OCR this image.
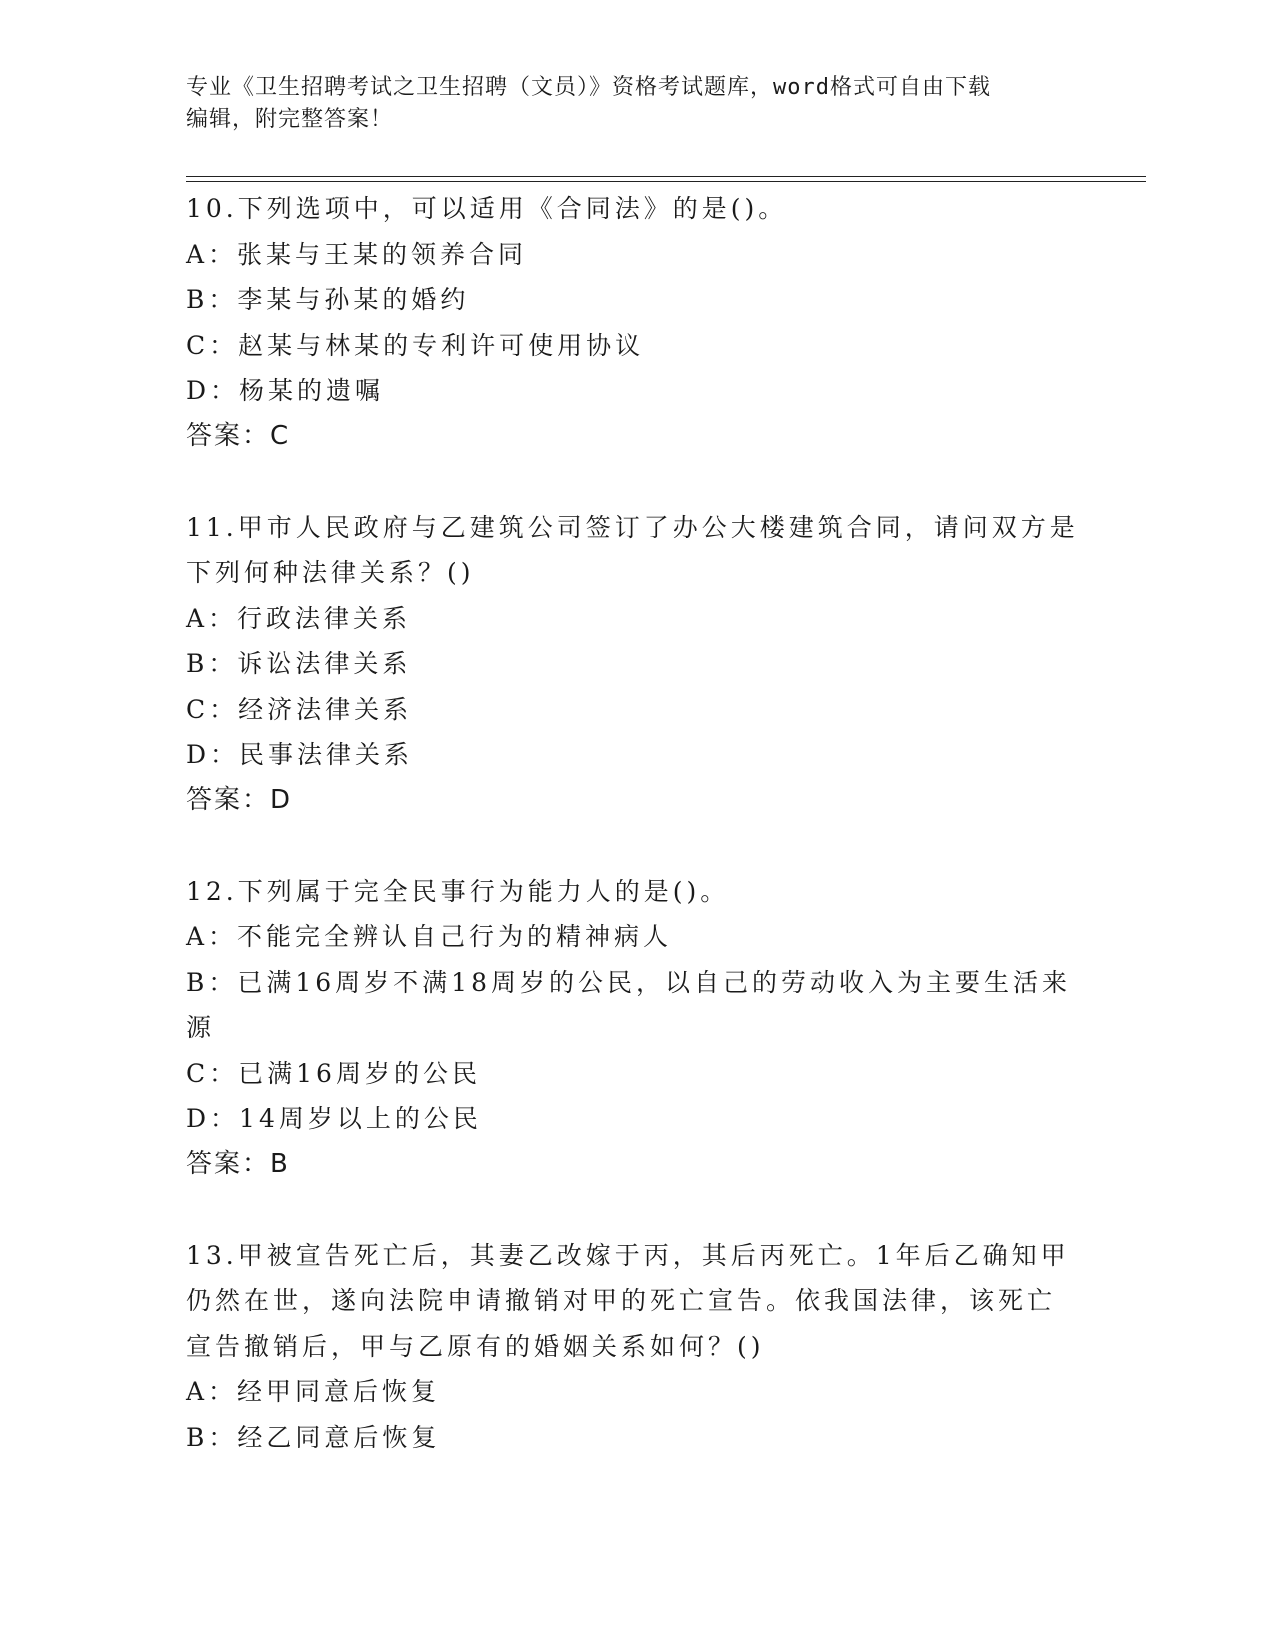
专业《卫生招聘考试之卫生招聘（文员）》资格考试题库，word格式可自由下载
编辑，附完整答案！
10.下列选项中，可以适用《合同法》的是()。
A：张某与王某的领养合同
B：李某与孙某的婚约
C：赵某与林某的专利许可使用协议
D：杨某的遗嘱
答案：C
11.甲市人民政府与乙建筑公司签订了办公大楼建筑合同，请问双方是
下列何种法律关系？()
A：行政法律关系
B：诉讼法律关系
C：经济法律关系
D：民事法律关系
答案：D
12.下列属于完全民事行为能力人的是()。
A：不能完全辨认自己行为的精神病人
B：已满16周岁不满18周岁的公民，以自己的劳动收入为主要生活来
源
C：已满16周岁的公民
D：14周岁以上的公民
答案：B
13.甲被宣告死亡后，其妻乙改嫁于丙，其后丙死亡。1年后乙确知甲
仍然在世，遂向法院申请撤销对甲的死亡宣告。依我国法律，该死亡
宣告撤销后，甲与乙原有的婚姻关系如何？()
A：经甲同意后恢复
B：经乙同意后恢复
